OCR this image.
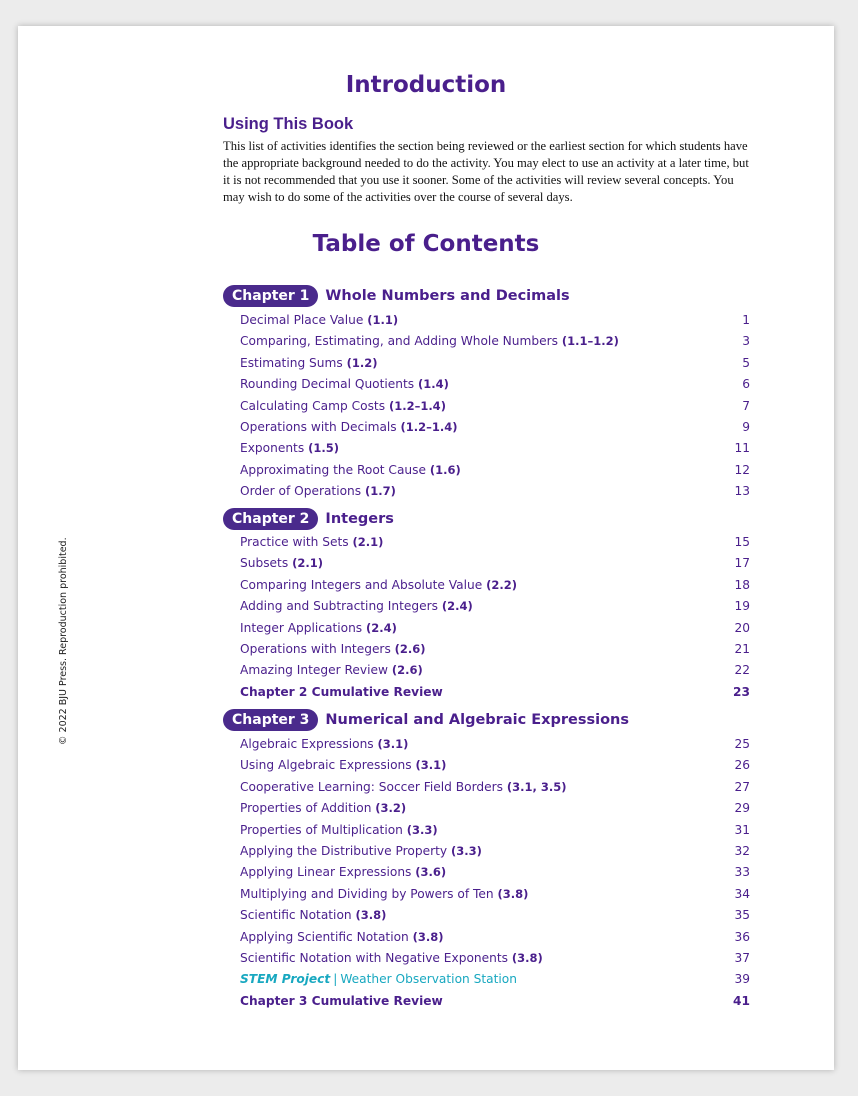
Introduction
Using This Book

This list of activities identifies the section being reviewed or the earliest section for which students have the appropriate background needed to do the activity. You may elect to use an activity at a later time, but it is not recommended that you use it sooner. Some of the activities will review several concepts. You may wish to do some of the activities over the course of several days.

Table of Contents
Chapter 1	Whole Numbers and Decimals
Decimal Place Value (1.1)	1
Comparing, Estimating, and Adding Whole Numbers (1.1–1.2)	3
Estimating Sums (1.2)	5
Rounding Decimal Quotients (1.4)	6
Calculating Camp Costs (1.2–1.4)	7
Operations with Decimals (1.2–1.4)	9
Exponents (1.5)	11
Approximating the Root Cause (1.6)	12
Order of Operations (1.7)	13
Chapter 2	Integers
Practice with Sets (2.1)	15
Subsets (2.1)	17
Comparing Integers and Absolute Value (2.2)	18
Adding and Subtracting Integers (2.4)	19
Integer Applications (2.4)	20
Operations with Integers (2.6)	21
Amazing Integer Review (2.6)	22
Chapter 2 Cumulative Review	23
Chapter 3	Numerical and Algebraic Expressions
Algebraic Expressions (3.1)	25
Using Algebraic Expressions (3.1)	26
Cooperative Learning: Soccer Field Borders (3.1, 3.5)	27
Properties of Addition (3.2)	29
Properties of Multiplication (3.3)	31
Applying the Distributive Property (3.3)	32
Applying Linear Expressions (3.6)	33
Multiplying and Dividing by Powers of Ten (3.8)	34
Scientific Notation (3.8)	35
Applying Scientific Notation (3.8)	36
Scientific Notation with Negative Exponents (3.8)	37
STEM Project | Weather Observation Station	39
Chapter 3 Cumulative Review	41
© 2022 BJU Press. Reproduction prohibited.
